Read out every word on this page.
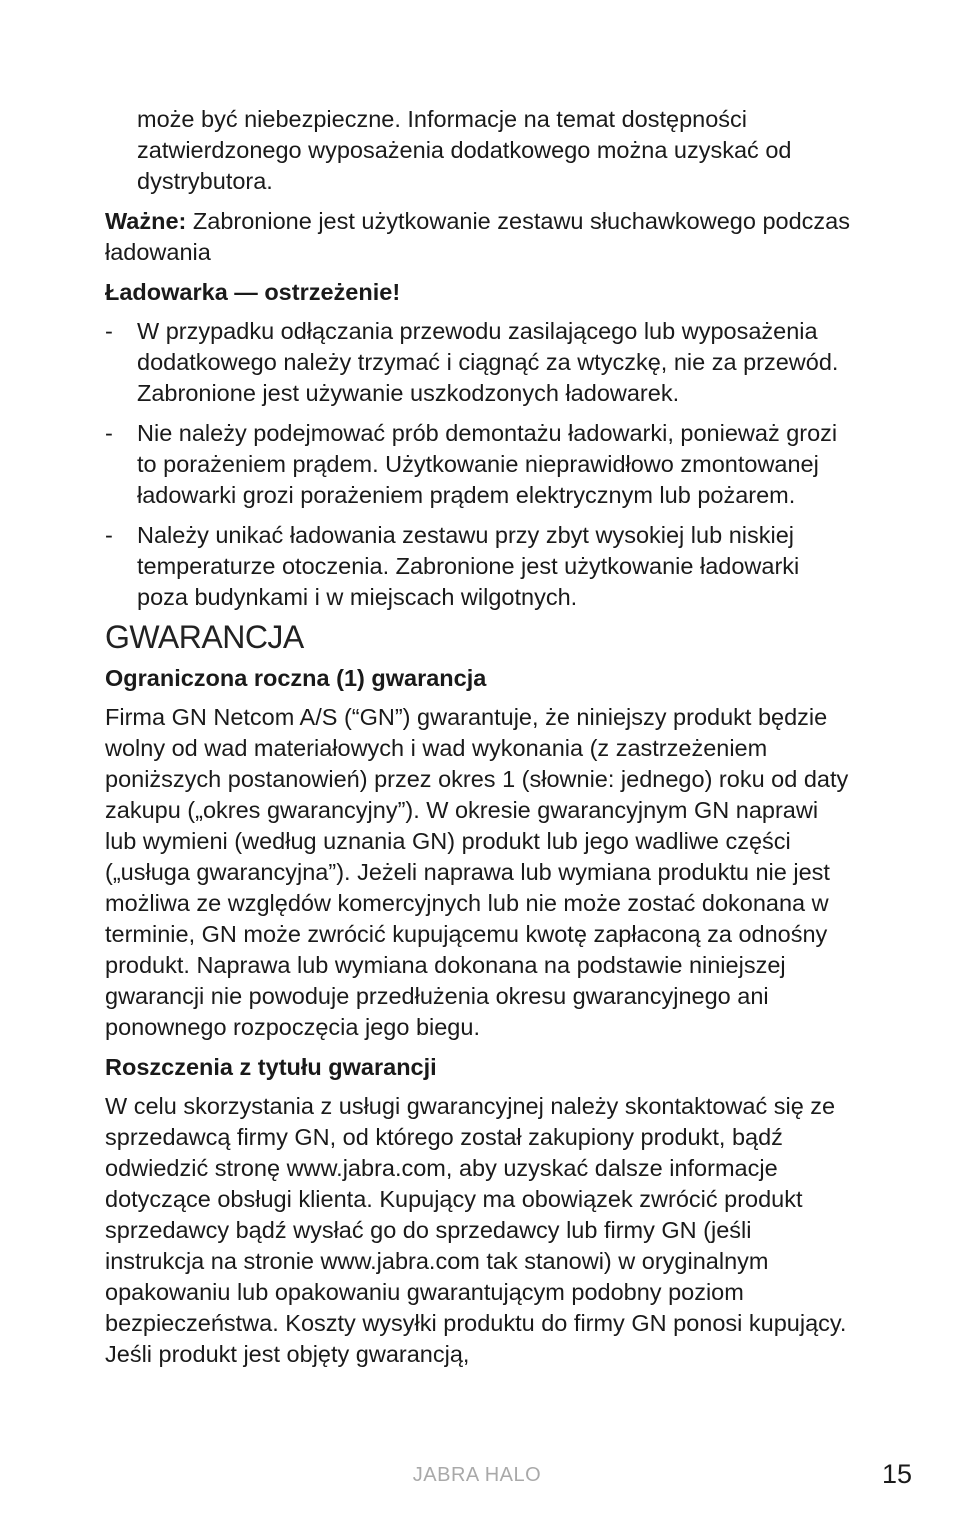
może być niebezpieczne. Informacje na temat dostępności zatwierdzonego wyposażenia dodatkowego można uzyskać od dystrybutora.

Ważne: Zabronione jest użytkowanie zestawu słuchawkowego podczas ładowania

Ładowarka — ostrzeżenie!

- W przypadku odłączania przewodu zasilającego lub wyposażenia dodatkowego należy trzymać i ciągnąć za wtyczkę, nie za przewód. Zabronione jest używanie uszkodzonych ładowarek.
- Nie należy podejmować prób demontażu ładowarki, ponieważ grozi to porażeniem prądem. Użytkowanie nieprawidłowo zmontowanej ładowarki grozi porażeniem prądem elektrycznym lub pożarem.
- Należy unikać ładowania zestawu przy zbyt wysokiej lub niskiej temperaturze otoczenia. Zabronione jest użytkowanie ładowarki poza budynkami i w miejscach wilgotnych.
GWARANCJA

Ograniczona roczna (1) gwarancja

Firma GN Netcom A/S (“GN”) gwarantuje, że niniejszy produkt będzie wolny od wad materiałowych i wad wykonania (z zastrzeżeniem poniższych postanowień) przez okres 1 (słownie: jednego) roku od daty zakupu („okres gwarancyjny”). W okresie gwarancyjnym GN naprawi lub wymieni (według uznania GN) produkt lub jego wadliwe części („usługa gwarancyjna”). Jeżeli naprawa lub wymiana produktu nie jest możliwa ze względów komercyjnych lub nie może zostać dokonana w terminie, GN może zwrócić kupującemu kwotę zapłaconą za odnośny produkt. Naprawa lub wymiana dokonana na podstawie niniejszej gwarancji nie powoduje przedłużenia okresu gwarancyjnego ani ponownego rozpoczęcia jego biegu.

Roszczenia z tytułu gwarancji

W celu skorzystania z usługi gwarancyjnej należy skontaktować się ze sprzedawcą firmy GN, od którego został zakupiony produkt, bądź odwiedzić stronę www.jabra.com, aby uzyskać dalsze informacje dotyczące obsługi klienta. Kupujący ma obowiązek zwrócić produkt sprzedawcy bądź wysłać go do sprzedawcy lub firmy GN (jeśli instrukcja na stronie www.jabra.com tak stanowi) w oryginalnym opakowaniu lub opakowaniu gwarantującym podobny poziom bezpieczeństwa. Koszty wysyłki produktu do firmy GN ponosi kupujący. Jeśli produkt jest objęty gwarancją,

JABRA HALO	15
